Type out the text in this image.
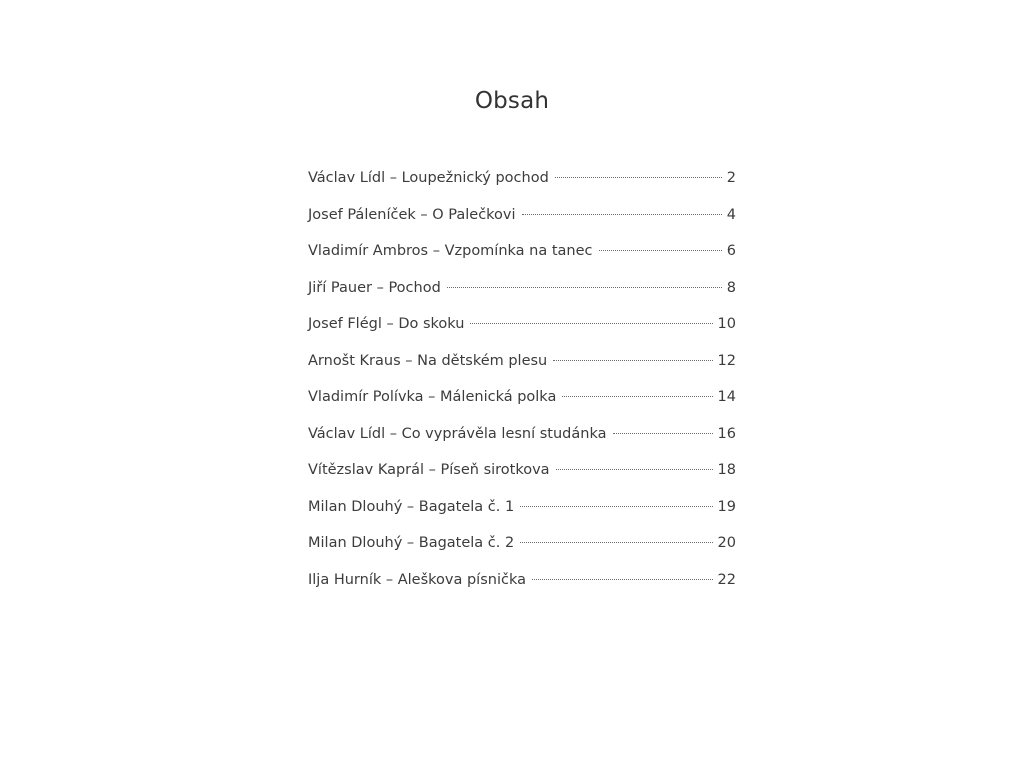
Obsah
Václav Lídl – Loupežnický pochod	2
Josef Páleníček – O Palečkovi	4
Vladimír Ambros – Vzpomínka na tanec	6
Jiří Pauer – Pochod	8
Josef Flégl – Do skoku	10
Arnošt Kraus – Na dětském plesu	12
Vladimír Polívka – Málenická polka	14
Václav Lídl – Co vyprávěla lesní studánka	16
Vítězslav Kaprál – Píseň sirotkova	18
Milan Dlouhý – Bagatela č. 1	19
Milan Dlouhý – Bagatela č. 2	20
Ilja Hurník – Aleškova písnička	22
